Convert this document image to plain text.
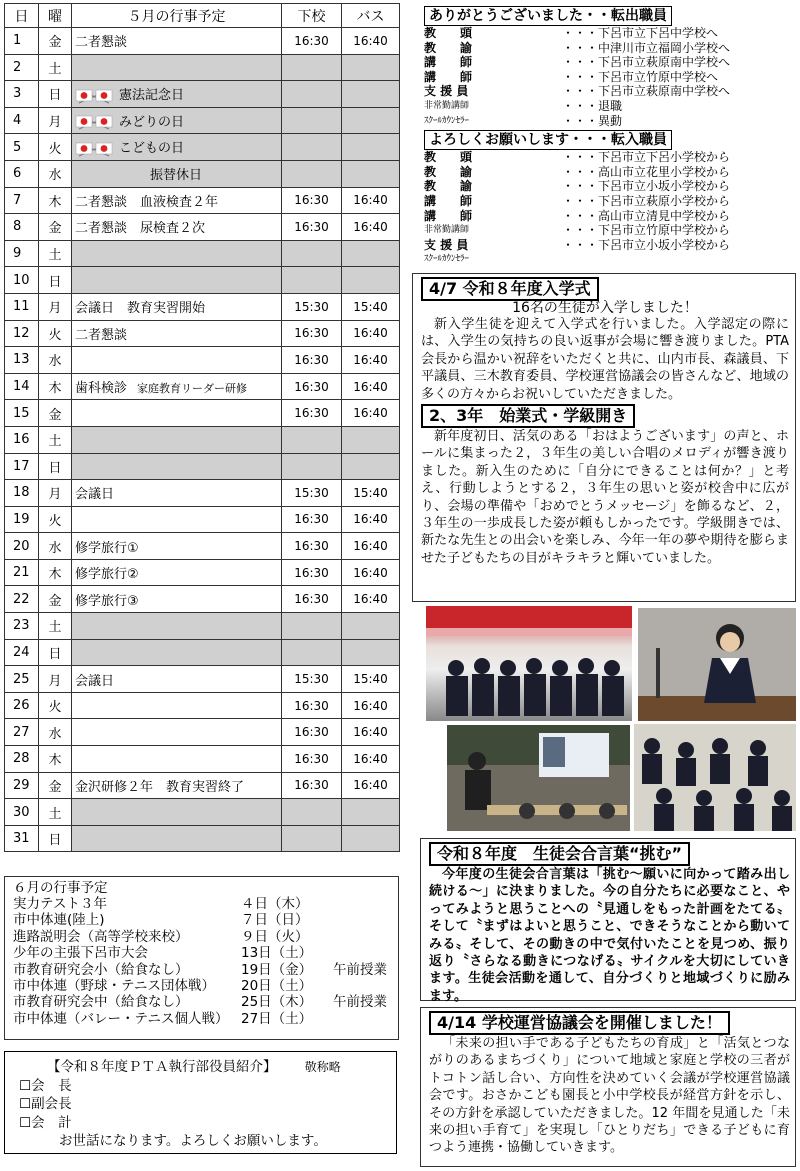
日	曜	５月の行事予定	下校	バス
1	金	二者懇談	16:30	16:40
2	土			
3	日	憲法記念日		
4	月	みどりの日		
5	火	こどもの日		
6	水	振替休日		
7	木	二者懇談　血液検査２年	16:30	16:40
8	金	二者懇談　尿検査２次	16:30	16:40
9	土			
10	日			
11	月	会議日　教育実習開始	15:30	15:40
12	火	二者懇談	16:30	16:40
13	水		16:30	16:40
14	木	歯科検診 家庭教育リーダー研修	16:30	16:40
15	金		16:30	16:40
16	土			
17	日			
18	月	会議日	15:30	15:40
19	火		16:30	16:40
20	水	修学旅行①	16:30	16:40
21	木	修学旅行②	16:30	16:40
22	金	修学旅行③	16:30	16:40
23	土			
24	日			
25	月	会議日	15:30	15:40
26	火		16:30	16:40
27	水		16:30	16:40
28	木		16:30	16:40
29	金	金沢研修２年　教育実習終了	16:30	16:40
30	土			
31	日			
６月の行事予定
実力テスト３年	４日（木）
市中体連(陸上)	７日（日）
進路説明会（高等学校来校）	９日（火）
少年の主張下呂市大会	13日（土）
市教育研究会小（給食なし）	19日（金）	午前授業
市中体連（野球・テニス団体戦）	20日（土）
市教育研究会中（給食なし）	25日（木）	午前授業
市中体連（バレー・テニス個人戦） 27日（土）
【令和８年度ＰＴＡ執行部役員紹介】 敬称略
☐会　長
☐副会長
☐会　計
お世話になります。よろしくお願いします。
ありがとうございました・・転出職員
教　　頭	・・・下呂市立下呂中学校へ
教　　諭	・・・中津川市立福岡小学校へ
講　　師	・・・下呂市立萩原南中学校へ
講　　師	・・・下呂市立竹原中学校へ
支 援 員	・・・下呂市立萩原南中学校へ
非常勤講師	・・・退職
ｽｸｰﾙｶｳﾝｾﾗｰ	・・・異動
よろしくお願いします・・・転入職員
教　　頭	・・・下呂市立下呂小学校から
教　　諭	・・・高山市立花里小学校から
教　　諭	・・・下呂市立小坂小学校から
講　　師	・・・下呂市立萩原小学校から
講　　師	・・・高山市立清見中学校から
非常勤講師	・・・下呂市立竹原中学校から
支 援 員	・・・下呂市立小坂小学校から
ｽｸｰﾙｶｳﾝｾﾗｰ
4/7 令和８年度入学式
16名の生徒が入学しました！

新入学生徒を迎えて入学式を行いました。入学認定の際には、入学生の気持ちの良い返事が会場に響き渡りました。PTA 会長から温かい祝辞をいただくと共に、山内市長、森議員、下平議員、三木教育委員、学校運営協議会の皆さんなど、地域の多くの方々からお祝いしていただきました。

2、3年　始業式・学級開き

新年度初日、活気のある「おはようございます」の声と、ホールに集まった２，３年生の美しい合唱のメロディが響き渡りました。新入生のために「自分にできることは何か？」と考え、行動しようとする２，３年生の思いと姿が校舎中に広がり、会場の準備や「おめでとうメッセージ」を飾るなど、２，３年生の一歩成長した姿が頼もしかったです。学級開きでは、新たな先生との出会いを楽しみ、今年一年の夢や期待を膨らませた子どもたちの目がキラキラと輝いていました。

令和８年度　生徒会合言葉“挑む”

今年度の生徒会合言葉は「挑む～願いに向かって踏み出し続ける～」に決まりました。今の自分たちに必要なこと、やってみようと思うことへの〝見通しをもった計画をたてる〟そして〝まずはよいと思うこと、できそうなことから動いてみる〟そして、その動きの中で気付いたことを見つめ、振り返り〝さらなる動きにつなげる〟サイクルを大切にしていきます。生徒会活動を通して、自分づくりと地域づくりに励みます。

4/14 学校運営協議会を開催しました！

「未来の担い手である子どもたちの育成」と「活気とつながりのあるまちづくり」について地域と家庭と学校の三者がトコトン話し合い、方向性を決めていく会議が学校運営協議会です。おさかこども園長と小中学校長が経営方針を示し、その方針を承認していただきました。12 年間を見通した「未来の担い手育て」を実現し「ひとりだち」できる子どもに育つよう連携・協働していきます。
